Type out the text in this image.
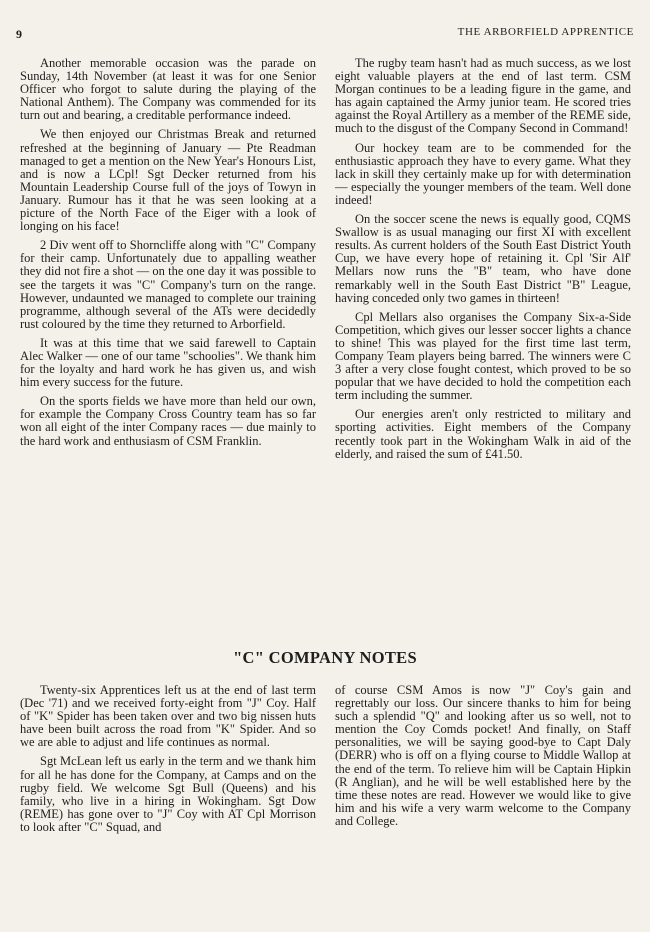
9	THE ARBORFIELD APPRENTICE

Another memorable occasion was the parade on Sunday, 14th November (at least it was for one Senior Officer who forgot to salute during the playing of the National Anthem). The Company was commended for its turn out and bearing, a creditable performance indeed.

We then enjoyed our Christmas Break and returned refreshed at the beginning of January — Pte Readman managed to get a mention on the New Year's Honours List, and is now a LCpl! Sgt Decker returned from his Mountain Leadership Course full of the joys of Towyn in January. Rumour has it that he was seen looking at a picture of the North Face of the Eiger with a look of longing on his face!

2 Div went off to Shorncliffe along with "C" Company for their camp. Unfortunately due to appalling weather they did not fire a shot — on the one day it was possible to see the targets it was "C" Company's turn on the range. However, undaunted we managed to complete our training programme, although several of the ATs were decidedly rust coloured by the time they returned to Arborfield.

It was at this time that we said farewell to Captain Alec Walker — one of our tame "schoolies". We thank him for the loyalty and hard work he has given us, and wish him every success for the future.

On the sports fields we have more than held our own, for example the Company Cross Country team has so far won all eight of the inter Company races — due mainly to the hard work and enthusiasm of CSM Franklin.

The rugby team hasn't had as much success, as we lost eight valuable players at the end of last term. CSM Morgan continues to be a leading figure in the game, and has again captained the Army junior team. He scored tries against the Royal Artillery as a member of the REME side, much to the disgust of the Company Second in Command!

Our hockey team are to be commended for the enthusiastic approach they have to every game. What they lack in skill they certainly make up for with determination — especially the younger members of the team. Well done indeed!

On the soccer scene the news is equally good, CQMS Swallow is as usual managing our first XI with excellent results. As current holders of the South East District Youth Cup, we have every hope of retaining it. Cpl 'Sir Alf' Mellars now runs the "B" team, who have done remarkably well in the South East District "B" League, having conceded only two games in thirteen!

Cpl Mellars also organises the Company Six-a-Side Competition, which gives our lesser soccer lights a chance to shine! This was played for the first time last term, Company Team players being barred. The winners were C 3 after a very close fought contest, which proved to be so popular that we have decided to hold the competition each term including the summer.

Our energies aren't only restricted to military and sporting activities. Eight members of the Company recently took part in the Wokingham Walk in aid of the elderly, and raised the sum of £41.50.

"C" COMPANY NOTES

Twenty-six Apprentices left us at the end of last term (Dec '71) and we received forty-eight from "J" Coy. Half of "K" Spider has been taken over and two big nissen huts have been built across the road from "K" Spider. And so we are able to adjust and life continues as normal.

Sgt McLean left us early in the term and we thank him for all he has done for the Company, at Camps and on the rugby field. We welcome Sgt Bull (Queens) and his family, who live in a hiring in Wokingham. Sgt Dow (REME) has gone over to "J" Coy with AT Cpl Morrison to look after "C" Squad, and

of course CSM Amos is now "J" Coy's gain and regrettably our loss. Our sincere thanks to him for being such a splendid "Q" and looking after us so well, not to mention the Coy Comds pocket! And finally, on Staff personalities, we will be saying good-bye to Capt Daly (DERR) who is off on a flying course to Middle Wallop at the end of the term. To relieve him will be Captain Hipkin (R Anglian), and he will be well established here by the time these notes are read. However we would like to give him and his wife a very warm welcome to the Company and College.
